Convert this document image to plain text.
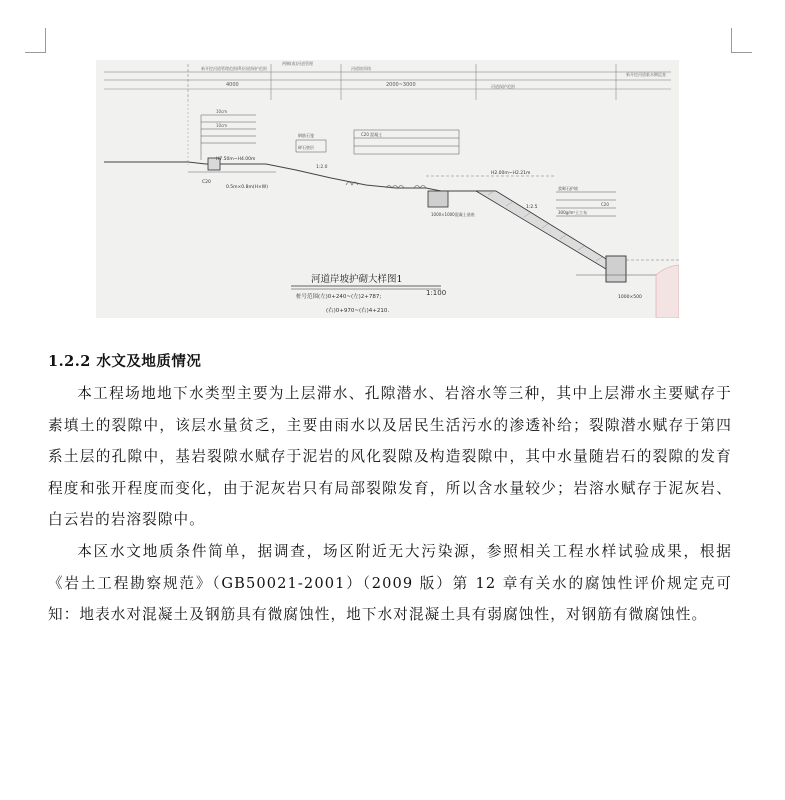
新开挖河道管理范围(R)河道保护范围
两侧(或)河道管理
河道坡顶线
河道保护范围
新开挖河道临水侧巡查
4000	2000~3000
10cm
10cm
C20
0.5m×0.8m(H×W)
钢筋石笼
碎石垫层
C20 混凝土
1:2.0
H7.50m~H4.00m
H2.00m~H2.21m
1:2.5
1000×500
浆砌石护坡
300g/m²土工布
C20
1000×1000混凝土基座
河道岸坡护砌大样图1
1:100
桩号范围(左)0+240~(左)2+787;
(右)0+970~(右)4+210.
1.2.2 水文及地质情况

本工程场地地下水类型主要为上层滞水、孔隙潜水、岩溶水等三种，其中上层滞水主要赋存于素填土的裂隙中，该层水量贫乏，主要由雨水以及居民生活污水的渗透补给；裂隙潜水赋存于第四系土层的孔隙中，基岩裂隙水赋存于泥岩的风化裂隙及构造裂隙中，其中水量随岩石的裂隙的发育程度和张开程度而变化，由于泥灰岩只有局部裂隙发育，所以含水量较少；岩溶水赋存于泥灰岩、白云岩的岩溶裂隙中。

本区水文地质条件简单，据调查，场区附近无大污染源，参照相关工程水样试验成果，根据《岩土工程勘察规范》（GB50021-2001）（2009 版）第 12 章有关水的腐蚀性评价规定克可知：地表水对混凝土及钢筋具有微腐蚀性，地下水对混凝土具有弱腐蚀性，对钢筋有微腐蚀性。
